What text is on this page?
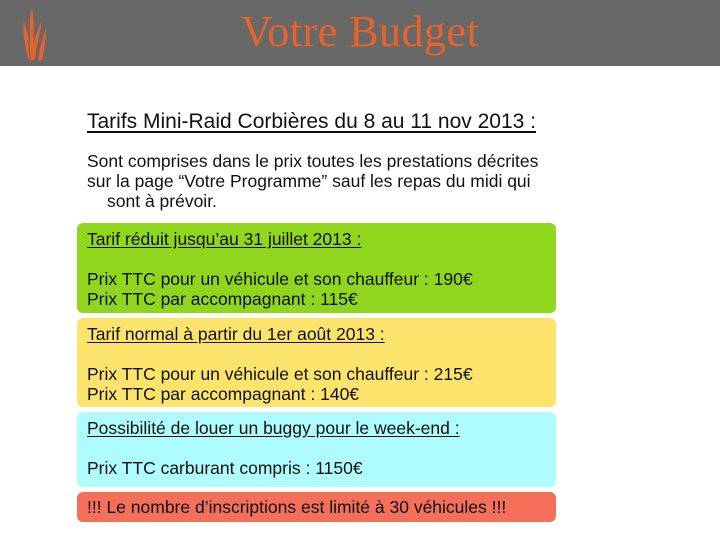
Votre Budget
Tarifs Mini-Raid Corbières du 8 au 11 nov 2013 :
Sont comprises dans le prix toutes les prestations décrites
sur la page “Votre Programme” sauf les repas du midi qui
sont à prévoir.
Tarif réduit jusqu’au 31 juillet 2013 :
Prix TTC pour un véhicule et son chauffeur : 190€
Prix TTC par accompagnant : 115€
Tarif normal à partir du 1er août 2013 :
Prix TTC pour un véhicule et son chauffeur : 215€
Prix TTC par accompagnant : 140€
Possibilité de louer un buggy pour le week-end :
Prix TTC carburant compris : 1150€
!!! Le nombre d’inscriptions est limité à 30 véhicules !!!
